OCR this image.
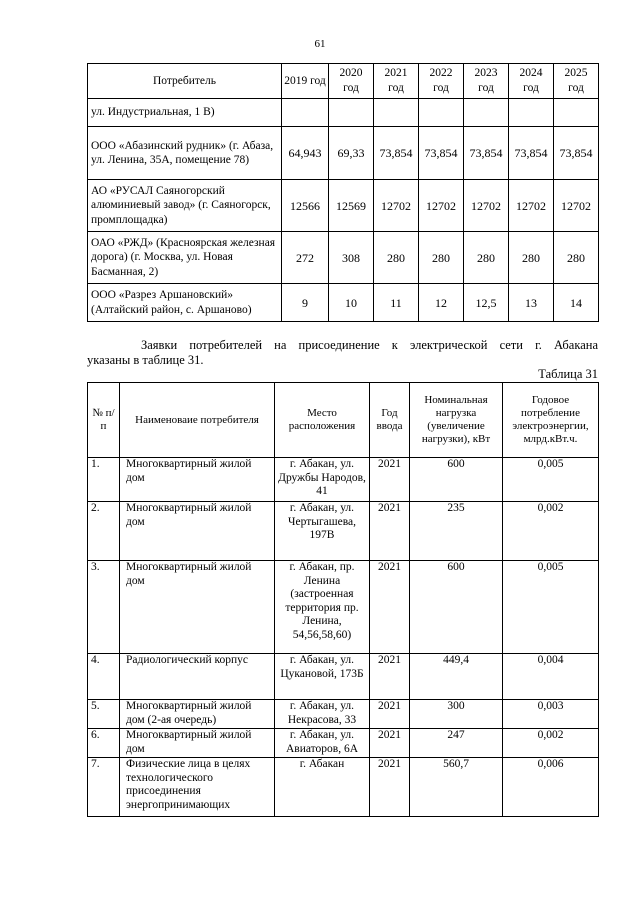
61
Потребитель	2019 год	2020 год	2021 год	2022 год	2023 год	2024 год	2025 год
ул. Индустриальная, 1 В)							
ООО «Абазинский рудник» (г. Абаза, ул. Ленина, 35А, помещение 78)	64,943	69,33	73,854	73,854	73,854	73,854	73,854
АО «РУСАЛ Саяногорский алюминиевый завод» (г. Саяногорск, промплощадка)	12566	12569	12702	12702	12702	12702	12702
ОАО «РЖД» (Красноярская железная дорога) (г. Москва, ул. Новая Басманная, 2)	272	308	280	280	280	280	280
ООО «Разрез Аршановский» (Алтайский район, с. Аршаново)	9	10	11	12	12,5	13	14
Заявки потребителей на присоединение к электрической сети г. Абакана
указаны в таблице 31.
Таблица 31
№ п/п	Наименоваие потребителя	Место расположения	Год ввода	Номинальная нагрузка (увеличение нагрузки), кВт	Годовое потребление электроэнергии, млрд.кВт.ч.
1.	Многоквартирный жилой дом	г. Абакан, ул. Дружбы Народов, 41	2021	600	0,005
2.	Многоквартирный жилой дом	г. Абакан, ул. Чертыгашева, 197В	2021	235	0,002
3.	Многоквартирный жилой дом	г. Абакан, пр. Ленина (застроенная территория пр. Ленина, 54,56,58,60)	2021	600	0,005
4.	Радиологический корпус	г. Абакан, ул. Цукановой, 173Б	2021	449,4	0,004
5.	Многоквартирный жилой дом (2-ая очередь)	г. Абакан, ул. Некрасова, 33	2021	300	0,003
6.	Многоквартирный жилой дом	г. Абакан, ул. Авиаторов, 6А	2021	247	0,002
7.	Физические лица в целях технологического присоединения энергопринимающих	г. Абакан	2021	560,7	0,006
